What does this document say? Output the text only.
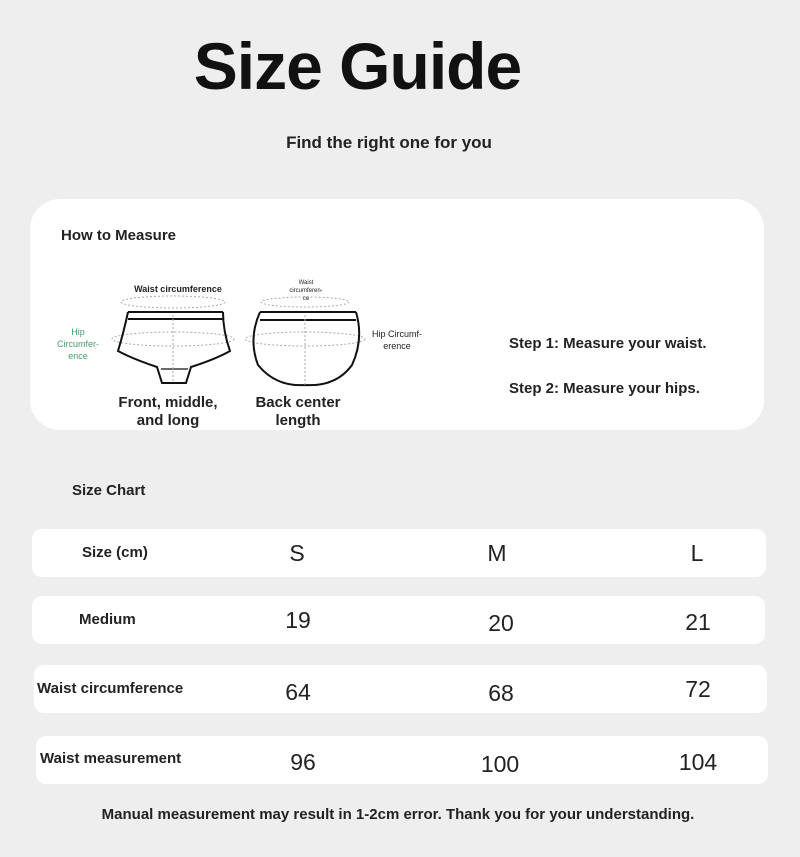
Size Guide
Find the right one for you
How to Measure
Waist circumference
Hip
Circumfer-
ence
Waist
circumferen-
ce
Hip Circumf-
erence
Front, middle,
and long
Back center
length
Step 1: Measure your waist.
Step 2: Measure your hips.
Size Chart
Size (cm)	S	M	L
Medium	19	20	21
Waist circumference	64	68	72
Waist measurement	96	100	104
Manual measurement may result in 1-2cm error. Thank you for your understanding.
